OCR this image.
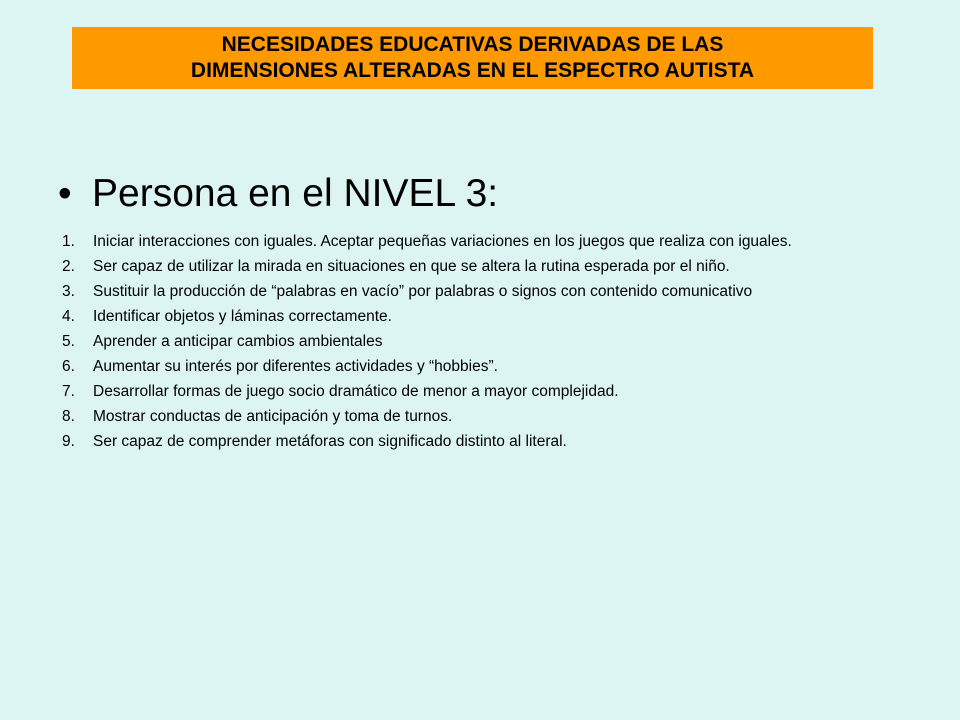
NECESIDADES EDUCATIVAS DERIVADAS DE LAS
DIMENSIONES ALTERADAS EN EL ESPECTRO AUTISTA
• Persona en el NIVEL 3:
1.	Iniciar interacciones con iguales. Aceptar pequeñas variaciones en los juegos que realiza con iguales.
2.	Ser capaz de utilizar la mirada en situaciones en que se altera la rutina esperada por el niño.
3.	Sustituir la producción de “palabras en vacío” por palabras o signos con contenido comunicativo
4.	Identificar objetos y láminas correctamente.
5.	Aprender a anticipar cambios ambientales
6.	Aumentar su interés por diferentes actividades y “hobbies”.
7.	Desarrollar formas de juego socio dramático de menor a mayor complejidad.
8.	Mostrar conductas de anticipación y toma de turnos.
9.	Ser capaz de comprender metáforas con significado distinto al literal.
